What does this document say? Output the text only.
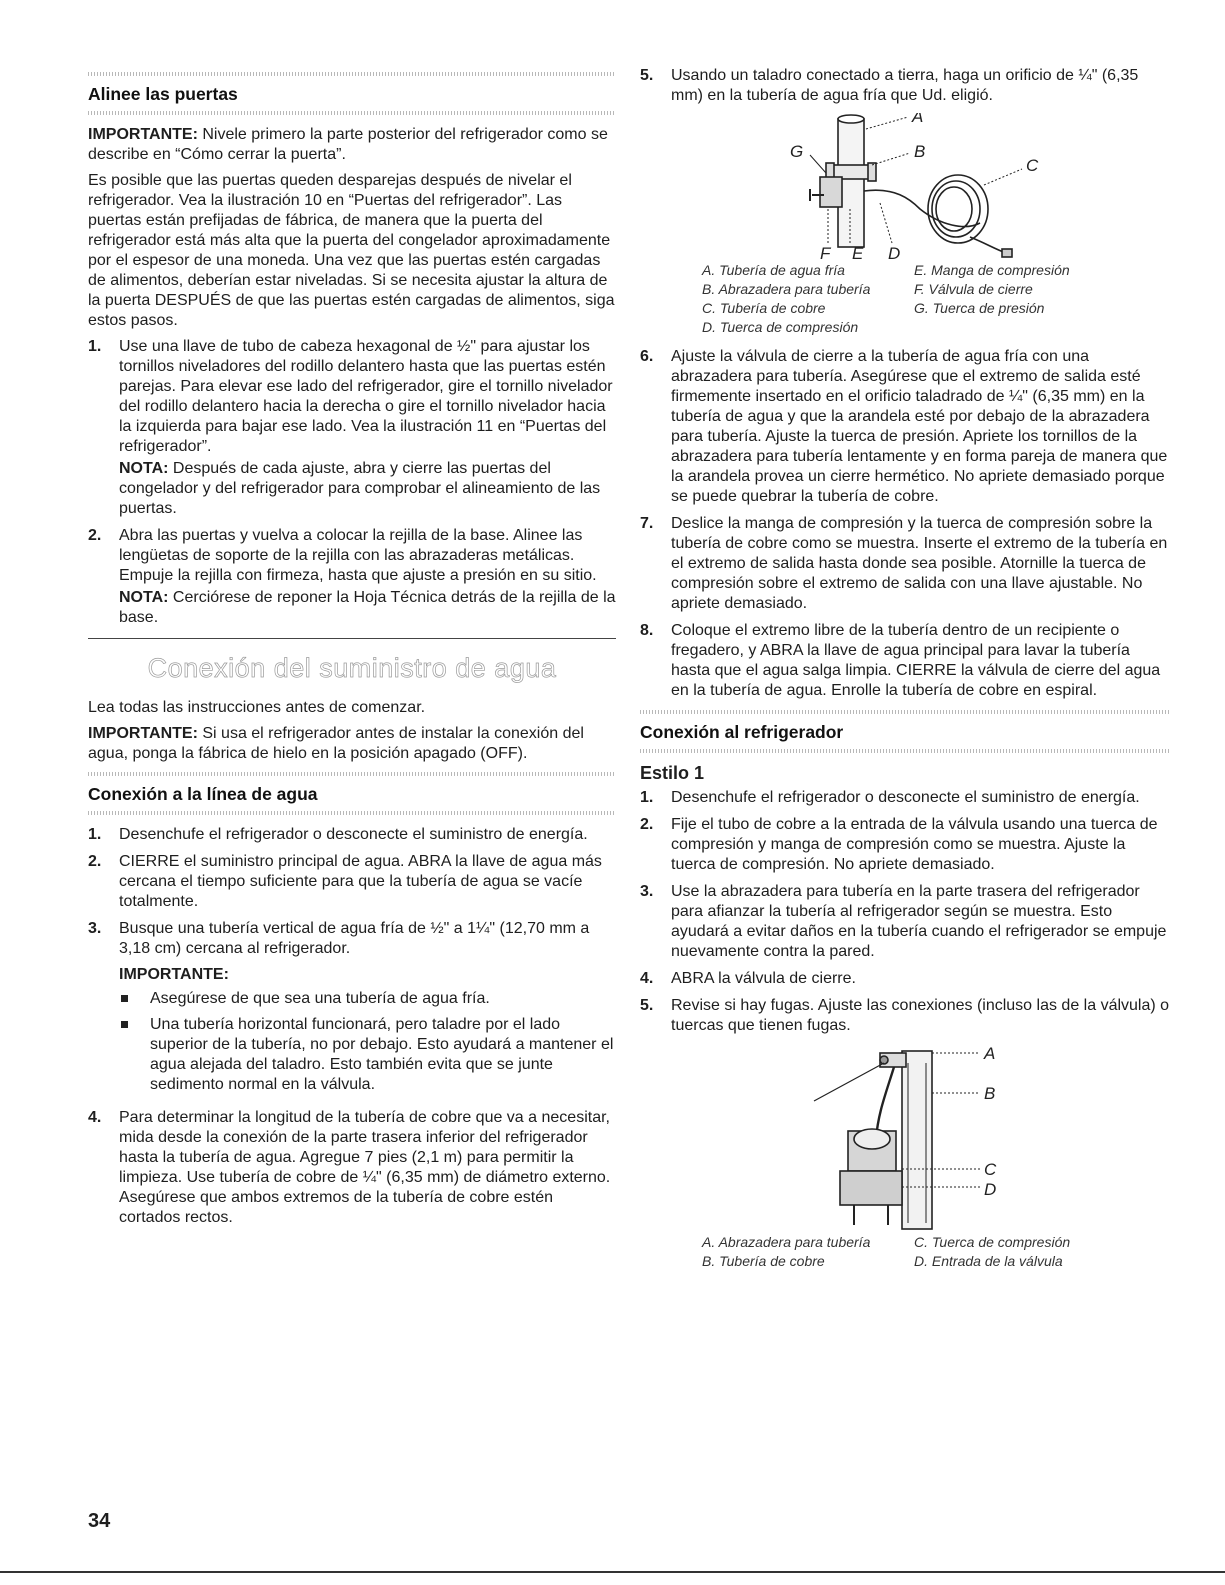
Alinee las puertas

IMPORTANTE: Nivele primero la parte posterior del refrigerador como se describe en “Cómo cerrar la puerta”.

Es posible que las puertas queden desparejas después de nivelar el refrigerador. Vea la ilustración 10 en “Puertas del refrigerador”. Las puertas están prefijadas de fábrica, de manera que la puerta del refrigerador está más alta que la puerta del congelador aproximadamente por el espesor de una moneda. Una vez que las puertas estén cargadas de alimentos, deberían estar niveladas. Si se necesita ajustar la altura de la puerta DESPUÉS de que las puertas estén cargadas de alimentos, siga estos pasos.

1.	Use una llave de tubo de cabeza hexagonal de ½" para ajustar los tornillos niveladores del rodillo delantero hasta que las puertas estén parejas. Para elevar ese lado del refrigerador, gire el tornillo nivelador del rodillo delantero hacia la derecha o gire el tornillo nivelador hacia la izquierda para bajar ese lado. Vea la ilustración 11 en “Puertas del refrigerador”.

NOTA: Después de cada ajuste, abra y cierre las puertas del congelador y del refrigerador para comprobar el alineamiento de las puertas.

2.	Abra las puertas y vuelva a colocar la rejilla de la base. Alinee las lengüetas de soporte de la rejilla con las abrazaderas metálicas. Empuje la rejilla con firmeza, hasta que ajuste a presión en su sitio.

NOTA: Cerciórese de reponer la Hoja Técnica detrás de la rejilla de la base.

Conexión del suministro de agua

Lea todas las instrucciones antes de comenzar.

IMPORTANTE: Si usa el refrigerador antes de instalar la conexión del agua, ponga la fábrica de hielo en la posición apagado (OFF).

Conexión a la línea de agua
1.	Desenchufe el refrigerador o desconecte el suministro de energía.

2.	CIERRE el suministro principal de agua. ABRA la llave de agua más cercana el tiempo suficiente para que la tubería de agua se vacíe totalmente.

3.	Busque una tubería vertical de agua fría de ½" a 1¼" (12,70 mm a 3,18 cm) cercana al refrigerador.

IMPORTANTE:

Asegúrese de que sea una tubería de agua fría.
Una tubería horizontal funcionará, pero taladre por el lado superior de la tubería, no por debajo. Esto ayudará a mantener el agua alejada del taladro. Esto también evita que se junte sedimento normal en la válvula.
4.	Para determinar la longitud de la tubería de cobre que va a necesitar, mida desde la conexión de la parte trasera inferior del refrigerador hasta la tubería de agua. Agregue 7 pies (2,1 m) para permitir la limpieza. Use tubería de cobre de ¼" (6,35 mm) de diámetro externo. Asegúrese que ambos extremos de la tubería de cobre estén cortados rectos.

5.	Usando un taladro conectado a tierra, haga un orificio de ¼" (6,35 mm) en la tubería de agua fría que Ud. eligió.

A
B
C
D
E
F
G
A. Tubería de agua fría	E. Manga de compresión
B. Abrazadera para tubería	F. Válvula de cierre
C. Tubería de cobre	G. Tuerca de presión
D. Tuerca de compresión
6.	Ajuste la válvula de cierre a la tubería de agua fría con una abrazadera para tubería. Asegúrese que el extremo de salida esté firmemente insertado en el orificio taladrado de ¼" (6,35 mm) en la tubería de agua y que la arandela esté por debajo de la abrazadera para tubería. Ajuste la tuerca de presión. Apriete los tornillos de la abrazadera para tubería lentamente y en forma pareja de manera que la arandela provea un cierre hermético. No apriete demasiado porque se puede quebrar la tubería de cobre.

7.	Deslice la manga de compresión y la tuerca de compresión sobre la tubería de cobre como se muestra. Inserte el extremo de la tubería en el extremo de salida hasta donde sea posible. Atornille la tuerca de compresión sobre el extremo de salida con una llave ajustable. No apriete demasiado.

8.	Coloque el extremo libre de la tubería dentro de un recipiente o fregadero, y ABRA la llave de agua principal para lavar la tubería hasta que el agua salga limpia. CIERRE la válvula de cierre del agua en la tubería de agua. Enrolle la tubería de cobre en espiral.

Conexión al refrigerador
Estilo 1
1.	Desenchufe el refrigerador o desconecte el suministro de energía.

2.	Fije el tubo de cobre a la entrada de la válvula usando una tuerca de compresión y manga de compresión como se muestra. Ajuste la tuerca de compresión. No apriete demasiado.

3.	Use la abrazadera para tubería en la parte trasera del refrigerador para afianzar la tubería al refrigerador según se muestra. Esto ayudará a evitar daños en la tubería cuando el refrigerador se empuje nuevamente contra la pared.

4.	ABRA la válvula de cierre.

5.	Revise si hay fugas. Ajuste las conexiones (incluso las de la válvula) o tuercas que tienen fugas.

A
B
C
D
A. Abrazadera para tubería	C. Tuerca de compresión
B. Tubería de cobre	D. Entrada de la válvula
34
